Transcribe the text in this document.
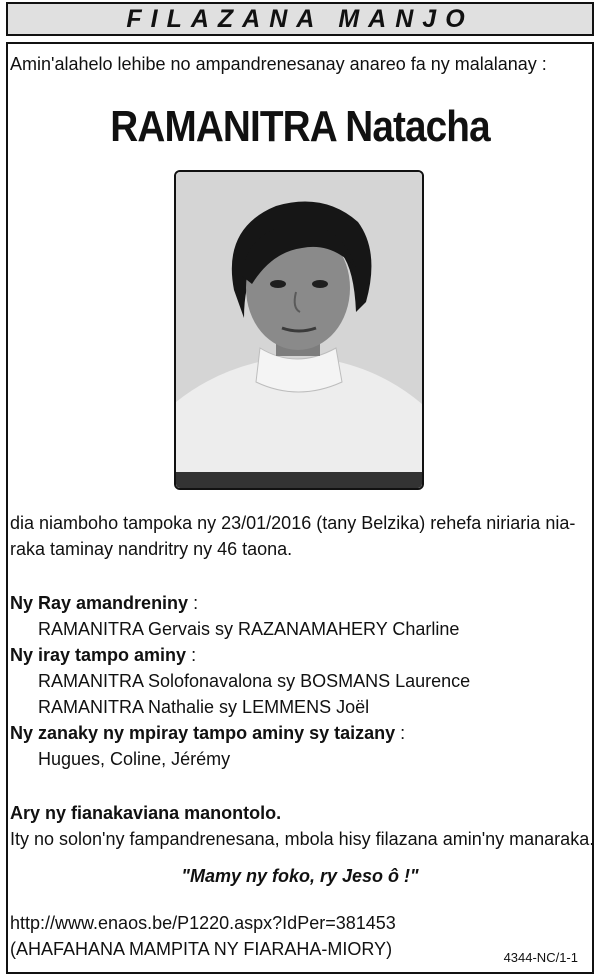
FILAZANA MANJO
Amin'alahelo lehibe no ampandrenesanay anareo fa ny malalanay :
RAMANITRA Natacha
dia niamboho tampoka ny 23/01/2016 (tany Belzika) rehefa niriaria nia-
raka taminay nandritry ny 46 taona.
Ny Ray amandreniny :
RAMANITRA Gervais sy RAZANAMAHERY Charline
Ny iray tampo aminy :
RAMANITRA Solofonavalona sy BOSMANS Laurence
RAMANITRA Nathalie sy LEMMENS Joël
Ny zanaky ny mpiray tampo aminy sy taizany :
Hugues, Coline, Jérémy
Ary ny fianakaviana manontolo.
Ity no solon'ny fampandrenesana, mbola hisy filazana amin'ny manaraka.
"Mamy ny foko, ry Jeso ô !"
http://www.enaos.be/P1220.aspx?IdPer=381453
(AHAFAHANA MAMPITA NY FIARAHA-MIORY)	4344-NC/1-1
